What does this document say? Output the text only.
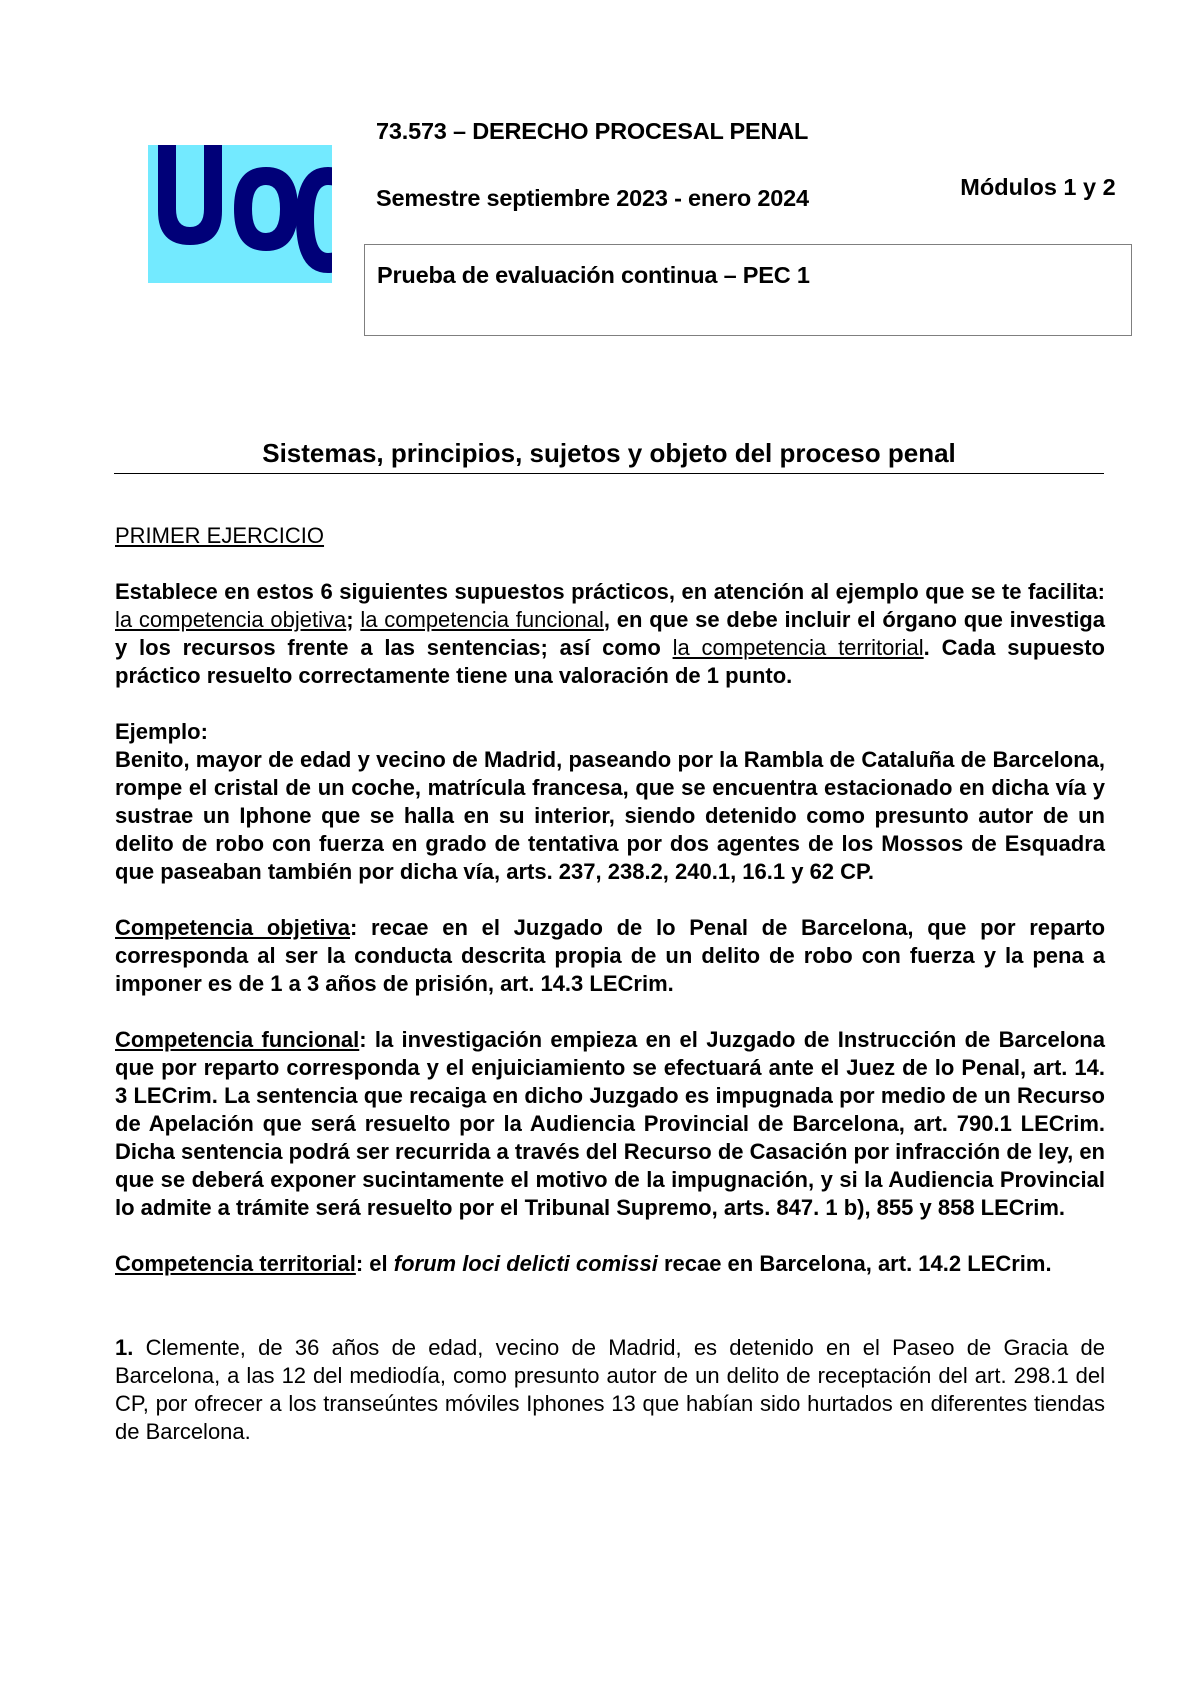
73.573 – DERECHO PROCESAL PENAL
Semestre septiembre 2023 - enero 2024	Módulos 1 y 2
Prueba de evaluación continua – PEC 1
Sistemas, principios, sujetos y objeto del proceso penal

PRIMER EJERCICIO

Establece en estos 6 siguientes supuestos prácticos, en atención al ejemplo que se te facilita: la competencia objetiva; la competencia funcional, en que se debe incluir el órgano que investiga y los recursos frente a las sentencias; así como la competencia territorial. Cada supuesto práctico resuelto correctamente tiene una valoración de 1 punto.

Ejemplo:

Benito, mayor de edad y vecino de Madrid, paseando por la Rambla de Cataluña de Barcelona, rompe el cristal de un coche, matrícula francesa, que se encuentra estacionado en dicha vía y sustrae un Iphone que se halla en su interior, siendo detenido como presunto autor de un delito de robo con fuerza en grado de tentativa por dos agentes de los Mossos de Esquadra que paseaban también por dicha vía, arts. 237, 238.2, 240.1, 16.1 y 62 CP.

Competencia objetiva: recae en el Juzgado de lo Penal de Barcelona, que por reparto corresponda al ser la conducta descrita propia de un delito de robo con fuerza y la pena a imponer es de 1 a 3 años de prisión, art. 14.3 LECrim.

Competencia funcional: la investigación empieza en el Juzgado de Instrucción de Barcelona que por reparto corresponda y el enjuiciamiento se efectuará ante el Juez de lo Penal, art. 14. 3 LECrim. La sentencia que recaiga en dicho Juzgado es impugnada por medio de un Recurso de Apelación que será resuelto por la Audiencia Provincial de Barcelona, art. 790.1 LECrim. Dicha sentencia podrá ser recurrida a través del Recurso de Casación por infracción de ley, en que se deberá exponer sucintamente el motivo de la impugnación, y si la Audiencia Provincial lo admite a trámite será resuelto por el Tribunal Supremo, arts. 847. 1 b), 855 y 858 LECrim.

Competencia territorial: el forum loci delicti comissi recae en Barcelona, art. 14.2 LECrim.

1. Clemente, de 36 años de edad, vecino de Madrid, es detenido en el Paseo de Gracia de Barcelona, a las 12 del mediodía, como presunto autor de un delito de receptación del art. 298.1 del CP, por ofrecer a los transeúntes móviles Iphones 13 que habían sido hurtados en diferentes tiendas de Barcelona.
